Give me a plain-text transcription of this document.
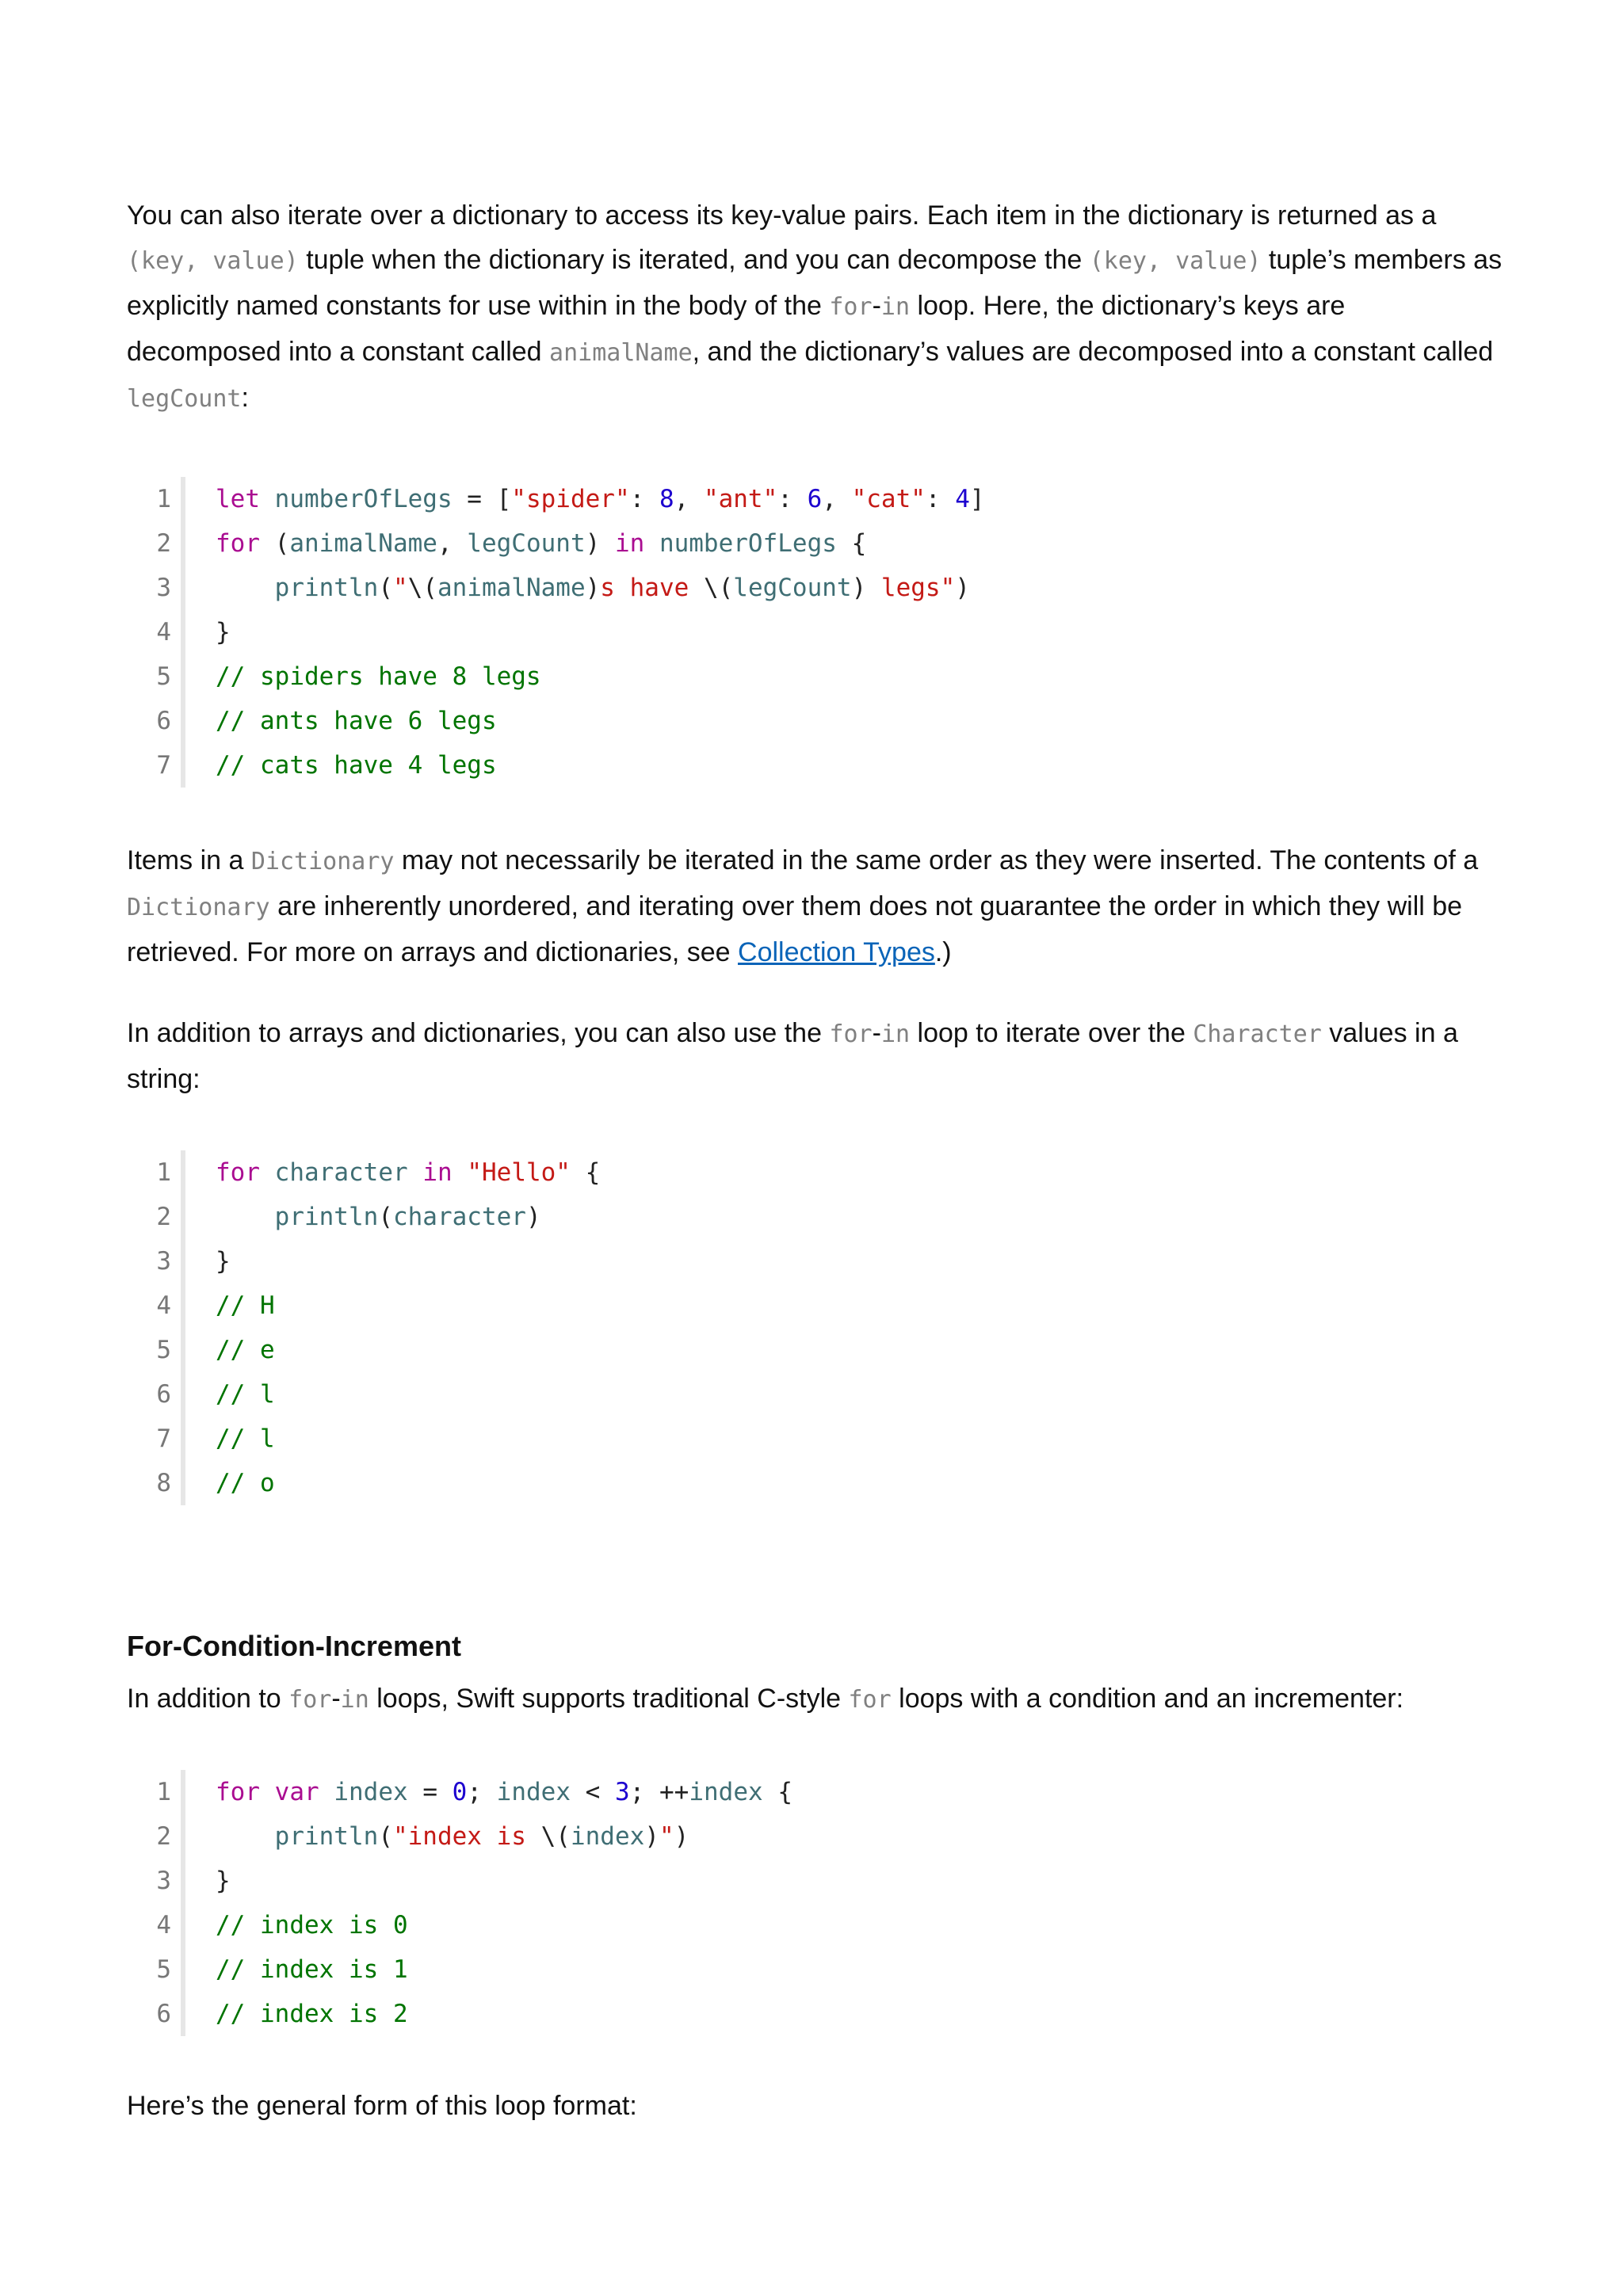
You can also iterate over a dictionary to access its key-value pairs. Each item in the dictionary is returned as a (key, value) tuple when the dictionary is iterated, and you can decompose the (key, value) tuple’s members as explicitly named constants for use within in the body of the for-in loop. Here, the dictionary’s keys are decomposed into a constant called animalName, and the dictionary’s values are decomposed into a constant called legCount:

1	let numberOfLegs = ["spider": 8, "ant": 6, "cat": 4]
2	for (animalName, legCount) in numberOfLegs {
3	println("\(animalName)s have \(legCount) legs")
4	}
5	// spiders have 8 legs
6	// ants have 6 legs
7	// cats have 4 legs

Items in a Dictionary may not necessarily be iterated in the same order as they were inserted. The contents of a Dictionary are inherently unordered, and iterating over them does not guarantee the order in which they will be retrieved. For more on arrays and dictionaries, see Collection Types.)

In addition to arrays and dictionaries, you can also use the for-in loop to iterate over the Character values in a string:

1	for character in "Hello" {
2	println(character)
3	}
4	// H
5	// e
6	// l
7	// l
8	// o
For-Condition-Increment

In addition to for-in loops, Swift supports traditional C-style for loops with a condition and an incrementer:

1	for var index = 0; index < 3; ++index {
2	println("index is \(index)")
3	}
4	// index is 0
5	// index is 1
6	// index is 2

Here’s the general form of this loop format:
